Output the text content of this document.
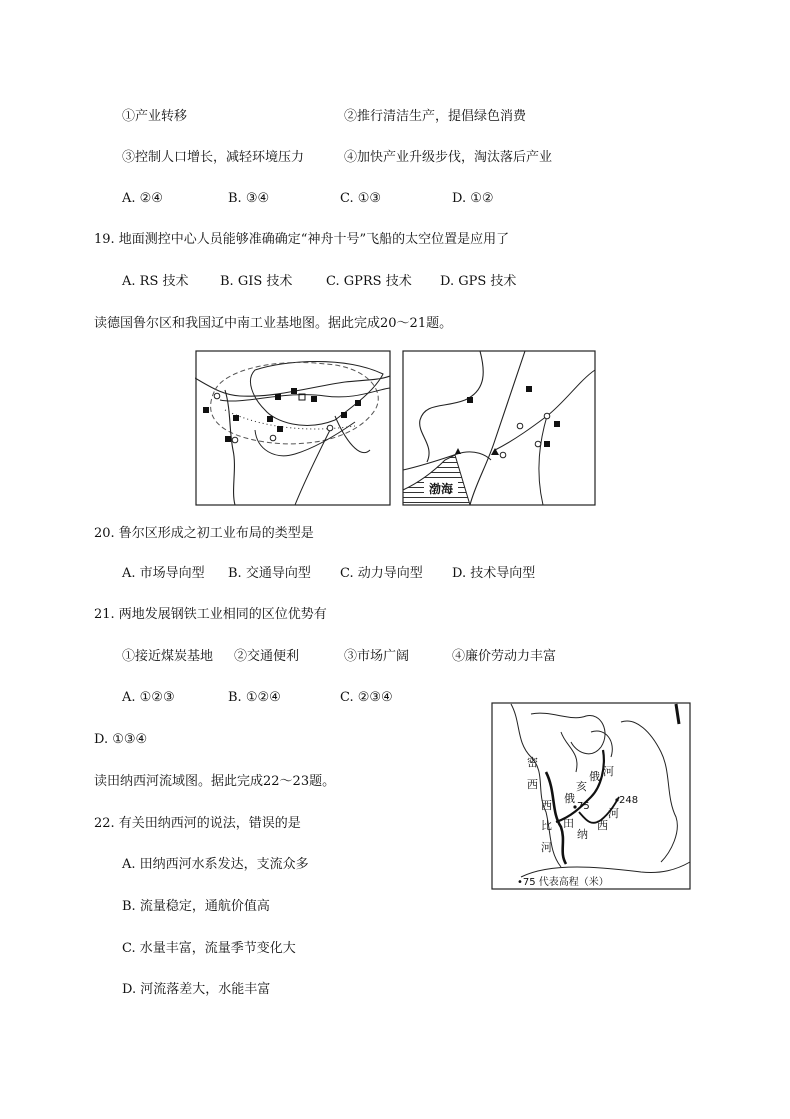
①产业转移	②推行清洁生产，提倡绿色消费
③控制人口增长，减轻环境压力	④加快产业升级步伐，淘汰落后产业
A. ②④	B. ③④	C. ①③	D. ①②
19. 地面测控中心人员能够准确确定“神舟十号”飞船的太空位置是应用了
A. RS 技术 B. GIS 技术	C. GPRS 技术 D. GPS 技术
读德国鲁尔区和我国辽中南工业基地图。据此完成20～21题。
渤海
20. 鲁尔区形成之初工业布局的类型是
A. 市场导向型 B. 交通导向型 C. 动力导向型 D. 技术导向型
21. 两地发展钢铁工业相同的区位优势有
①接近煤炭基地 ②交通便利	③市场广阔	④廉价劳动力丰富
A. ①②③	B. ①②④	C. ②③④
D. ①③④
读田纳西河流域图。据此完成22～23题。
密
西
西
比
河
俄
亥
俄 河
田
纳
西
河
75
248
•75 代表高程（米）
22. 有关田纳西河的说法，错误的是
A. 田纳西河水系发达，支流众多
B. 流量稳定，通航价值高
C. 水量丰富，流量季节变化大
D. 河流落差大，水能丰富
